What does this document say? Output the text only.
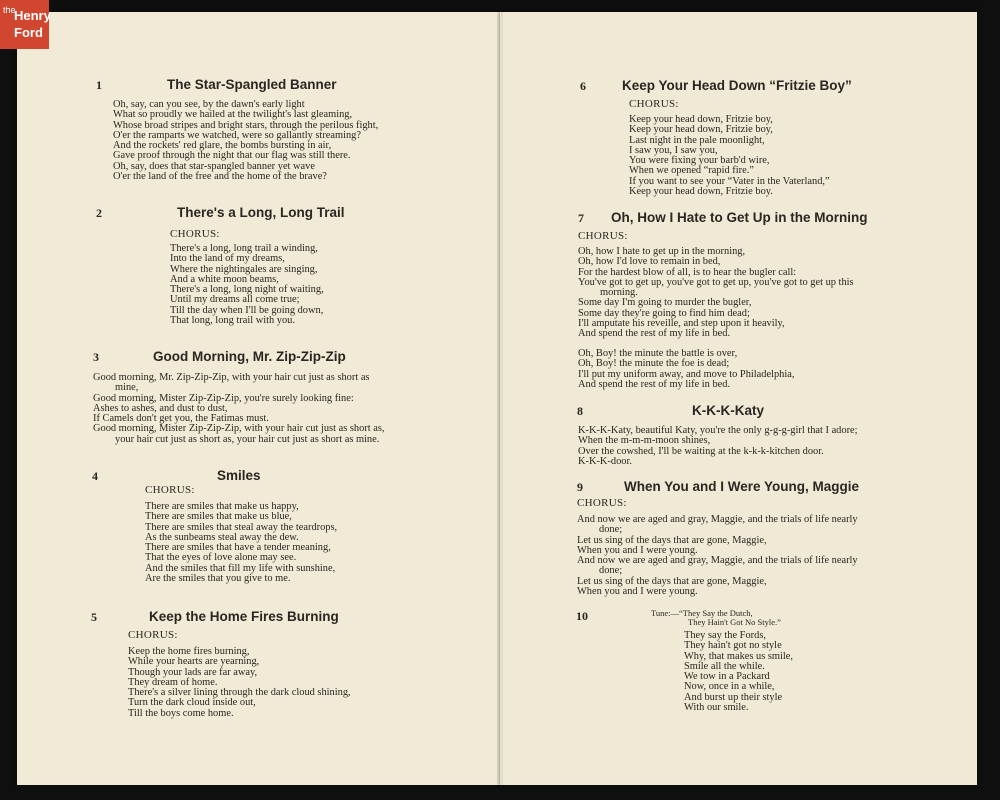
the
Henry
Ford
1	The Star-Spangled Banner
Oh, say, can you see, by the dawn's early light
What so proudly we hailed at the twilight's last gleaming,
Whose broad stripes and bright stars, through the perilous fight,
O'er the ramparts we watched, were so gallantly streaming?
And the rockets' red glare, the bombs bursting in air,
Gave proof through the night that our flag was still there.
Oh, say, does that star-spangled banner yet wave
O'er the land of the free and the home of the brave?
2	There's a Long, Long Trail
CHORUS:
There's a long, long trail a winding,
Into the land of my dreams,
Where the nightingales are singing,
And a white moon beams,
There's a long, long night of waiting,
Until my dreams all come true;
Till the day when I'll be going down,
That long, long trail with you.
3	Good Morning, Mr. Zip-Zip-Zip
Good morning, Mr. Zip-Zip-Zip, with your hair cut just as short as
mine,
Good morning, Mister Zip-Zip-Zip, you're surely looking fine:
Ashes to ashes, and dust to dust,
If Camels don't get you, the Fatimas must.
Good morning, Mister Zip-Zip-Zip, with your hair cut just as short as,
your hair cut just as short as, your hair cut just as short as mine.
4	Smiles
CHORUS:
There are smiles that make us happy,
There are smiles that make us blue,
There are smiles that steal away the teardrops,
As the sunbeams steal away the dew.
There are smiles that have a tender meaning,
That the eyes of love alone may see.
And the smiles that fill my life with sunshine,
Are the smiles that you give to me.
5	Keep the Home Fires Burning
CHORUS:
Keep the home fires burning,
While your hearts are yearning,
Though your lads are far away,
They dream of home.
There's a silver lining through the dark cloud shining,
Turn the dark cloud inside out,
Till the boys come home.
6	Keep Your Head Down “Fritzie Boy”
CHORUS:
Keep your head down, Fritzie boy,
Keep your head down, Fritzie boy,
Last night in the pale moonlight,
I saw you, I saw you,
You were fixing your barb'd wire,
When we opened “rapid fire.”
If you want to see your “Vater in the Vaterland,”
Keep your head down, Fritzie boy.
7 Oh, How I Hate to Get Up in the Morning
CHORUS:
Oh, how I hate to get up in the morning,
Oh, how I'd love to remain in bed,
For the hardest blow of all, is to hear the bugler call:
You've got to get up, you've got to get up, you've got to get up this
morning.
Some day I'm going to murder the bugler,
Some day they're going to find him dead;
I'll amputate his reveille, and step upon it heavily,
And spend the rest of my life in bed.
Oh, Boy! the minute the battle is over,
Oh, Boy! the minute the foe is dead;
I'll put my uniform away, and move to Philadelphia,
And spend the rest of my life in bed.
8	K-K-K-Katy
K-K-K-Katy, beautiful Katy, you're the only g-g-g-girl that I adore;
When the m-m-m-moon shines,
Over the cowshed, I'll be waiting at the k-k-k-kitchen door.
K-K-K-door.
9	When You and I Were Young, Maggie
CHORUS:
And now we are aged and gray, Maggie, and the trials of life nearly
done;
Let us sing of the days that are gone, Maggie,
When you and I were young.
And now we are aged and gray, Maggie, and the trials of life nearly
done;
Let us sing of the days that are gone, Maggie,
When you and I were young.
10	Tune:—“They Say the Dutch,
They Hain't Got No Style.”
They say the Fords,
They hain't got no style
Why, that makes us smile,
Smile all the while.
We tow in a Packard
Now, once in a while,
And burst up their style
With our smile.
